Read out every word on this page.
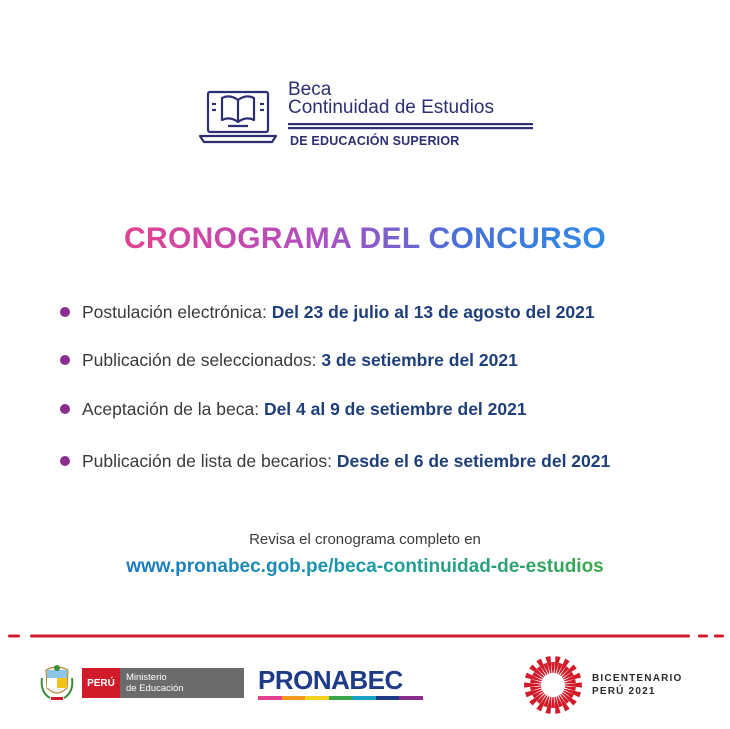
Beca
Continuidad de Estudios
DE EDUCACIÓN SUPERIOR
CRONOGRAMA DEL CONCURSO
Postulación electrónica: Del 23 de julio al 13 de agosto del 2021
Publicación de seleccionados: 3 de setiembre del 2021
Aceptación de la beca: Del 4 al 9 de setiembre del 2021
Publicación de lista de becarios: Desde el 6 de setiembre del 2021
Revisa el cronograma completo en
www.pronabec.gob.pe/beca-continuidad-de-estudios
PERÚ	Ministerio
de Educación	PRONABEC	BICENTENARIO
PERÚ 2021
